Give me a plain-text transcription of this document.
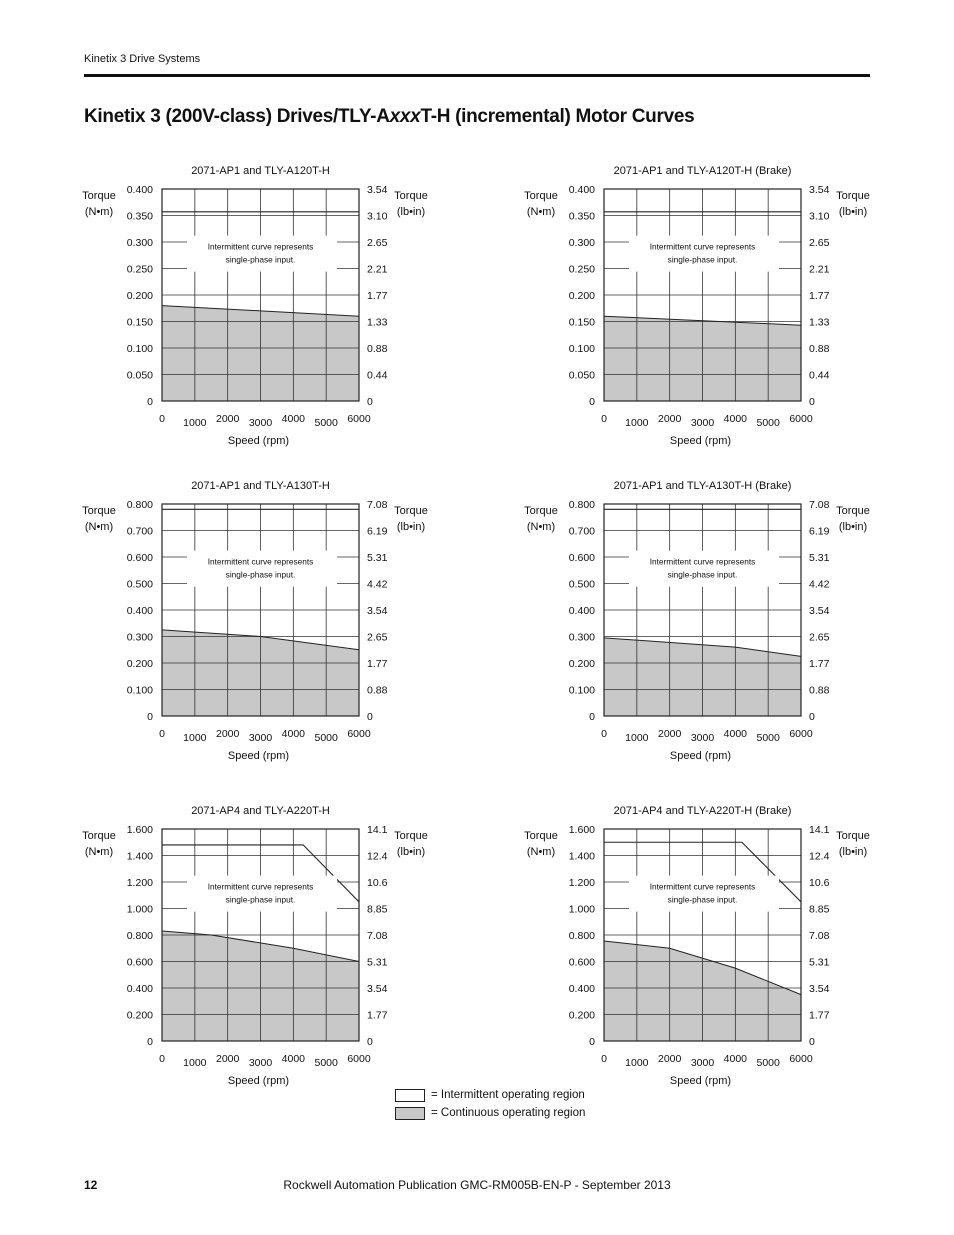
Kinetix 3 Drive Systems
Kinetix 3 (200V-class) Drives/TLY-AxxxT-H (incremental) Motor Curves
Intermittent curve represents
single-phase input.
2071-AP1 and TLY-A120T-H
0
0.050
0.100
0.150
0.200
0.250
0.300
0.350
0.400
0
0.44
0.88
1.33
1.77
2.21
2.65
3.10
3.54
0 1000 2000 3000 4000 5000 6000
Speed (rpm)
Torque
(N•m)
Torque
(lb•in)
Intermittent curve represents
single-phase input.
2071-AP1 and TLY-A120T-H (Brake)
0
0.050
0.100
0.150
0.200
0.250
0.300
0.350
0.400
0
0.44
0.88
1.33
1.77
2.21
2.65
3.10
3.54
0 1000 2000 3000 4000 5000 6000
Speed (rpm)
Torque
(N•m)
Torque
(lb•in)
Intermittent curve represents
single-phase input.
2071-AP1 and TLY-A130T-H
0
0.100
0.200
0.300
0.400
0.500
0.600
0.700
0.800
0
0.88
1.77
2.65
3.54
4.42
5.31
6.19
7.08
0 1000 2000 3000 4000 5000 6000
Speed (rpm)
Torque
(N•m)
Torque
(lb•in)
Intermittent curve represents
single-phase input.
2071-AP1 and TLY-A130T-H (Brake)
0
0.100
0.200
0.300
0.400
0.500
0.600
0.700
0.800
0
0.88
1.77
2.65
3.54
4.42
5.31
6.19
7.08
0 1000 2000 3000 4000 5000 6000
Speed (rpm)
Torque
(N•m)
Torque
(lb•in)
Intermittent curve represents
single-phase input.
2071-AP4 and TLY-A220T-H
0
0.200
0.400
0.600
0.800
1.000
1.200
1.400
1.600
0
1.77
3.54
5.31
7.08
8.85
10.6
12.4
14.1
0 1000 2000 3000 4000 5000 6000
Speed (rpm)
Torque
(N•m)
Torque
(lb•in)
Intermittent curve represents
single-phase input.
2071-AP4 and TLY-A220T-H (Brake)
0
0.200
0.400
0.600
0.800
1.000
1.200
1.400
1.600
0
1.77
3.54
5.31
7.08
8.85
10.6
12.4
14.1
0 1000 2000 3000 4000 5000 6000
Speed (rpm)
Torque
(N•m)
Torque
(lb•in)
= Intermittent operating region
= Continuous operating region
12	Rockwell Automation Publication GMC-RM005B-EN-P - September 2013
